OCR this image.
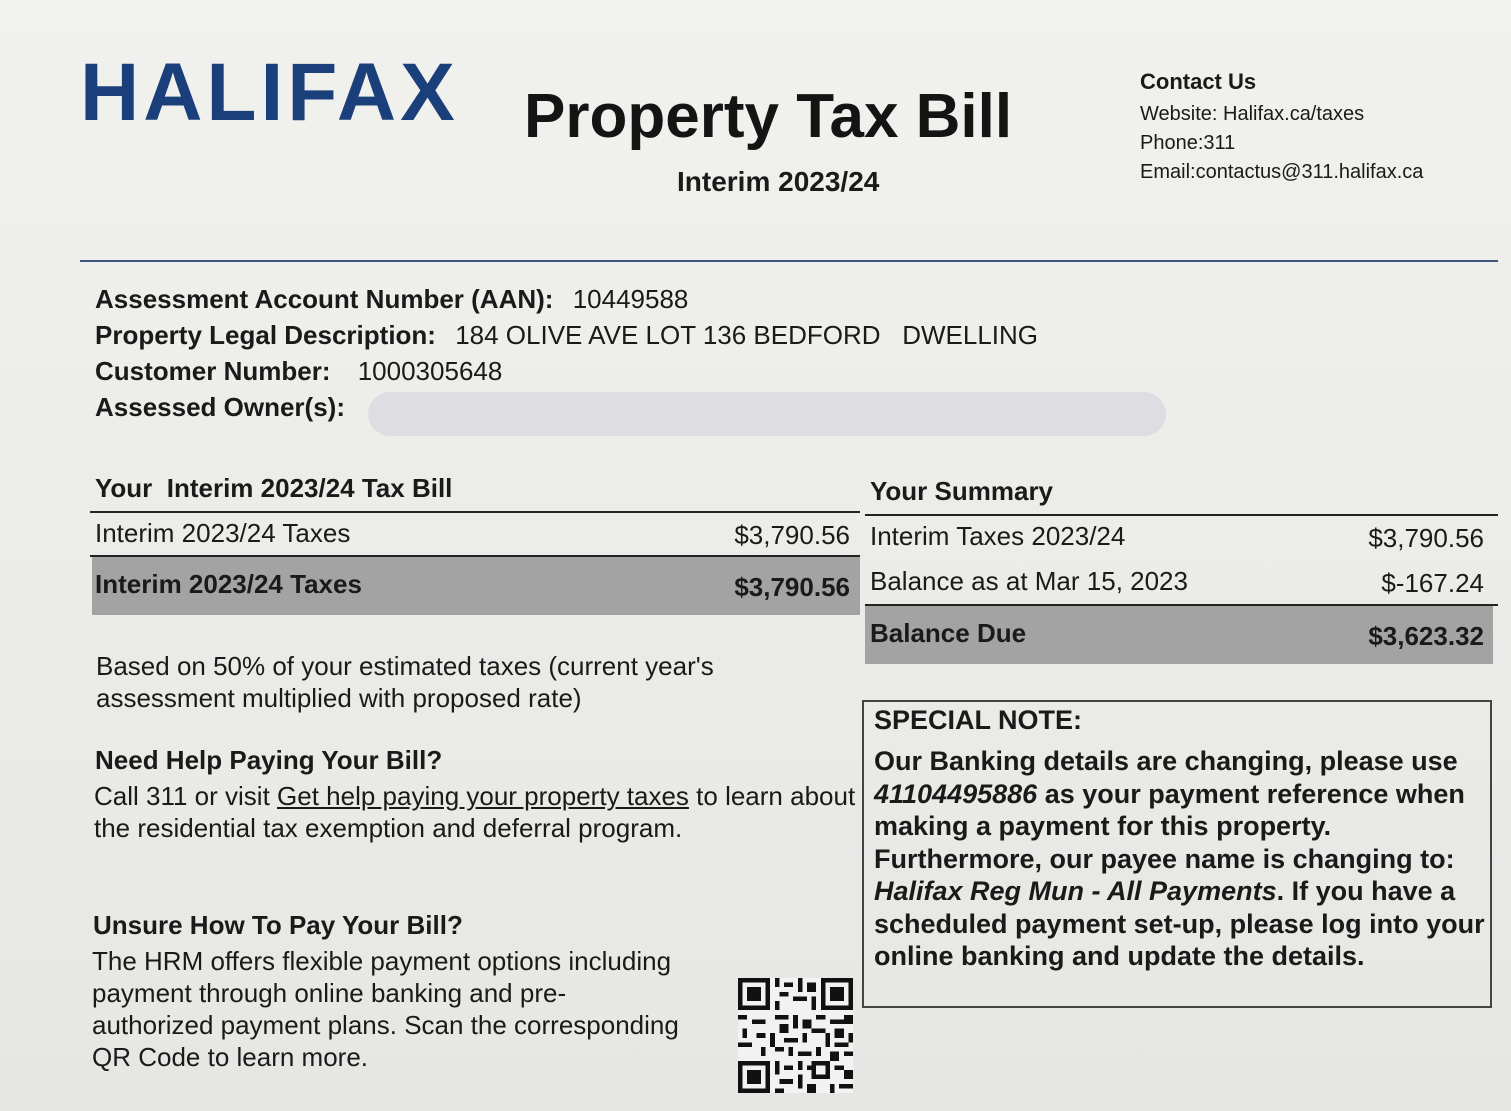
HALIFAX Property Tax Bill
Interim 2023/24
Contact Us
Website: Halifax.ca/taxes
Phone:311
Email:contactus@311.halifax.ca
Assessment Account Number (AAN): 10449588
Property Legal Description: 184 OLIVE AVE LOT 136 BEDFORD   DWELLING
Customer Number: 1000305648
Assessed Owner(s):
Your  Interim 2023/24 Tax Bill
Interim 2023/24 Taxes	$3,790.56
Interim 2023/24 Taxes	$3,790.56
Based on 50% of your estimated taxes (current year's assessment multiplied with proposed rate)
Your Summary
Interim Taxes 2023/24	$3,790.56
Balance as at Mar 15, 2023	$-167.24
Balance Due	$3,623.32
Need Help Paying Your Bill?
Call 311 or visit Get help paying your property taxes to learn about the residential tax exemption and deferral program.
Unsure How To Pay Your Bill?
The HRM offers flexible payment options including payment through online banking and pre-authorized payment plans. Scan the corresponding QR Code to learn more.
SPECIAL NOTE:
Our Banking details are changing, please use 41104495886 as your payment reference when making a payment for this property. Furthermore, our payee name is changing to: Halifax Reg Mun - All Payments. If you have a scheduled payment set-up, please log into your online banking and update the details.
